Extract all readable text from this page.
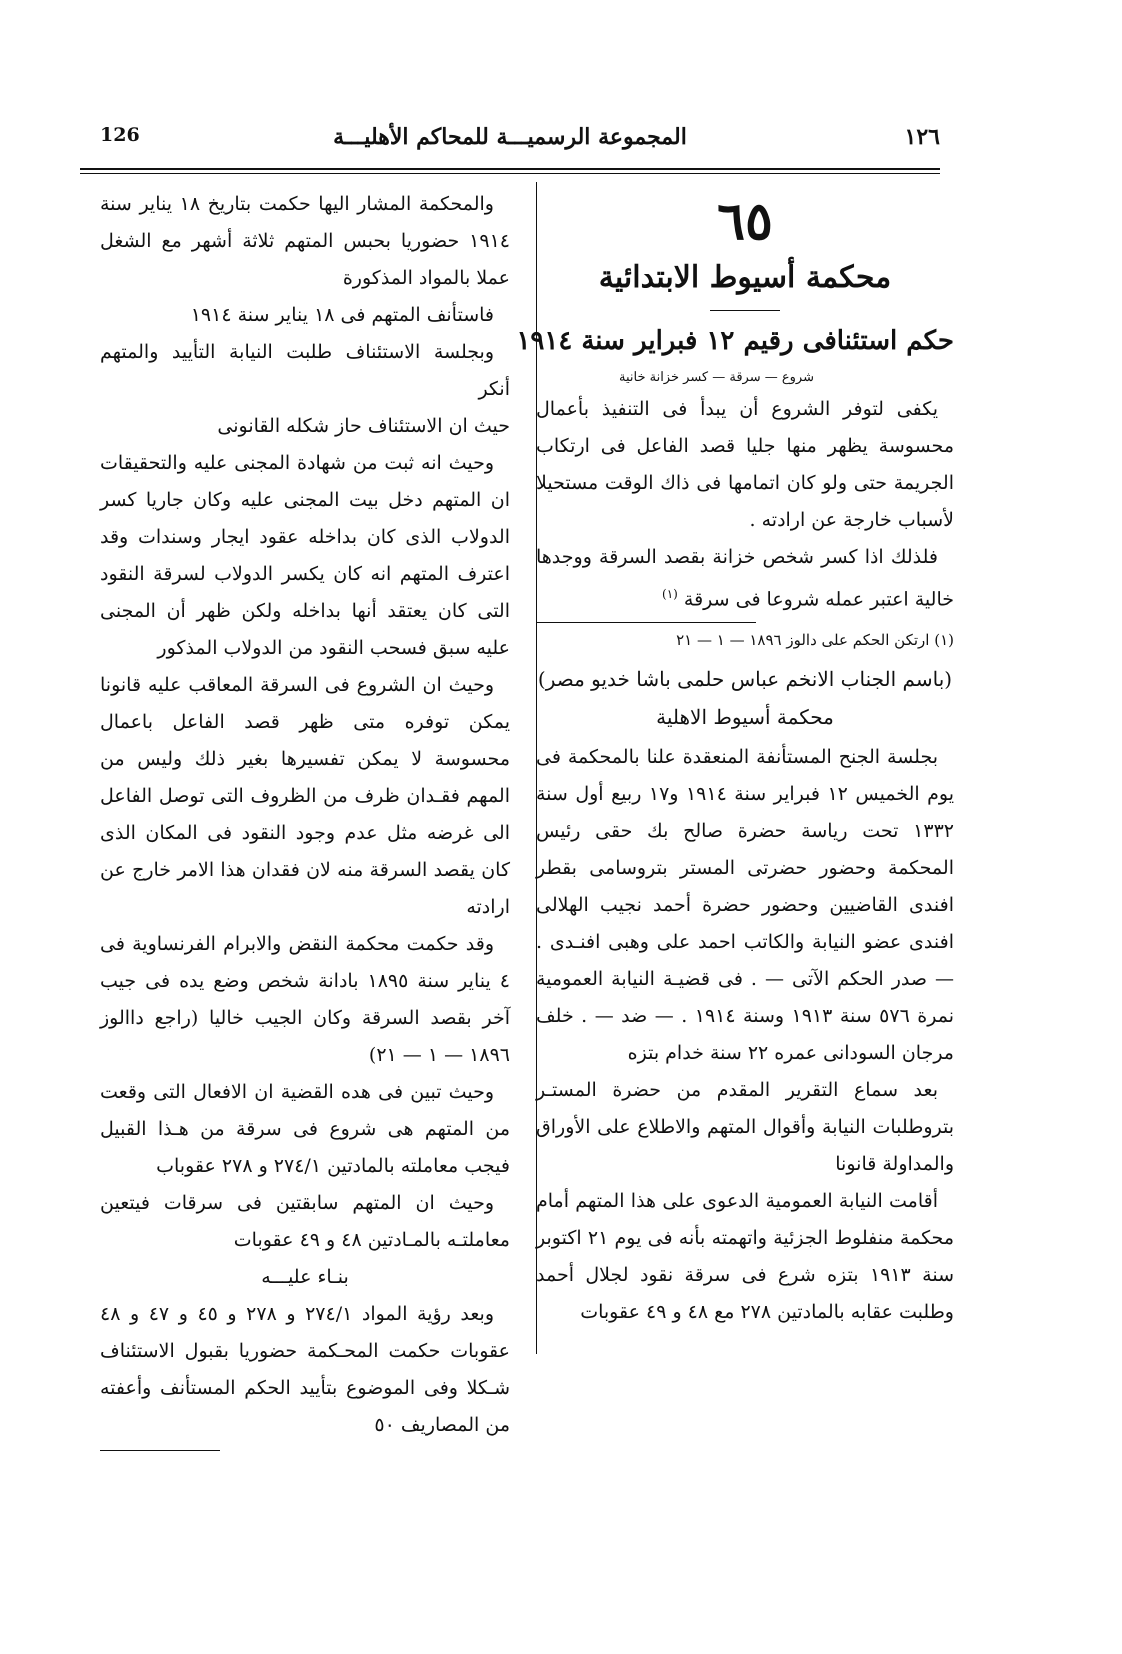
١٢٦
المجموعة الرسميـــة للمحاكم الأهليـــة
126
٦٥
محكمة أسيوط الابتدائية
حكم استئنافى رقيم ١٢ فبراير سنة ١٩١٤
شروع — سرقة — كسر خزانة خانية

يكفى لتوفر الشروع أن يبدأ فى التنفيذ بأعمال محسوسة يظهر منها جليا قصد الفاعل فى ارتكاب الجريمة حتى ولو كان اتمامها فى ذاك الوقت مستحيلا لأسباب خارجة عن ارادته .

فلذلك اذا كسر شخص خزانة بقصد السرقة ووجدها خالية اعتبر عمله شروعا فى سرقة $^{(١)}$

(١) ارتكن الحكم على دالوز ١٨٩٦ — ١ — ٢١

(باسم الجناب الانخم عباس حلمى باشا خديو مصر)
محكمة أسيوط الاهلية

بجلسة الجنح المستأنفة المنعقدة علنا بالمحكمة فى يوم الخميس ١٢ فبراير سنة ١٩١٤ و١٧ ربيع أول سنة ١٣٣٢ تحت رياسة حضرة صالح بك حقى رئيس المحكمة وحضور حضرتى المستر بتروسامى بقطر افندى القاضيين وحضور حضرة أحمد نجيب الهلالى افندى عضو النيابة والكاتب احمد على وهبى افنـدى . — صدر الحكم الآتى — . فى قضيـة النيابة العمومية نمرة ٥٧٦ سنة ١٩١٣ وسنة ١٩١٤ . — ضد — . خلف مرجان السودانى عمره ٢٢ سنة خدام بتزه

بعد سماع التقرير المقدم من حضرة المستـر بتروطلبات النيابة وأقوال المتهم والاطلاع على الأوراق والمداولة قانونا

أقامت النيابة العمومية الدعوى على هذا المتهم أمام محكمة منفلوط الجزئية واتهمته بأنه فى يوم ٢١ اكتوبر سنة ١٩١٣ بتزه شرع فى سرقة نقود لجلال أحمد وطلبت عقابه بالمادتين ٢٧٨ مع ٤٨ و ٤٩ عقوبات

والمحكمة المشار اليها حكمت بتاريخ ١٨ يناير سنة ١٩١٤ حضوريا بحبس المتهم ثلاثة أشهر مع الشغل عملا بالمواد المذكورة

فاستأنف المتهم فى ١٨ يناير سنة ١٩١٤

وبجلسة الاستئناف طلبت النيابة التأييد والمتهم أنكر

حيث ان الاستئناف حاز شكله القانونى

وحيث انه ثبت من شهادة المجنى عليه والتحقيقات ان المتهم دخل بيت المجنى عليه وكان جاريا كسر الدولاب الذى كان بداخله عقود ايجار وسندات وقد اعترف المتهم انه كان يكسر الدولاب لسرقة النقود التى كان يعتقد أنها بداخله ولكن ظهر أن المجنى عليه سبق فسحب النقود من الدولاب المذكور

وحيث ان الشروع فى السرقة المعاقب عليه قانونا يمكن توفره متى ظهر قصد الفاعل باعمال محسوسة لا يمكن تفسيرها بغير ذلك وليس من المهم فقـدان ظرف من الظروف التى توصل الفاعل الى غرضه مثل عدم وجود النقود فى المكان الذى كان يقصد السرقة منه لان فقدان هذا الامر خارج عن ارادته

وقد حكمت محكمة النقض والابرام الفرنساوية فى ٤ يناير سنة ١٨٩٥ بادانة شخص وضع يده فى جيب آخر بقصد السرقة وكان الجيب خاليا (راجع داالوز ١٨٩٦ — ١ — ٢١)

وحيث تبين فى هده القضية ان الافعال التى وقعت من المتهم هى شروع فى سرقة من هـذا القبيل فيجب معاملته بالمادتين ٢٧٤/١ و ٢٧٨ عقوباب

وحيث ان المتهم سابقتين فى سرقات فيتعين معاملتـه بالمـادتين ٤٨ و ٤٩ عقوبات

بنـاء عليـــه

وبعد رؤية المواد ٢٧٤/١ و ٢٧٨ و ٤٥ و ٤٧ و ٤٨ عقوبات حكمت المحـكمة حضوريا بقبول الاستئناف شـكلا وفى الموضوع بتأييد الحكم المستأنف وأعفته من المصاريف ٥٠
